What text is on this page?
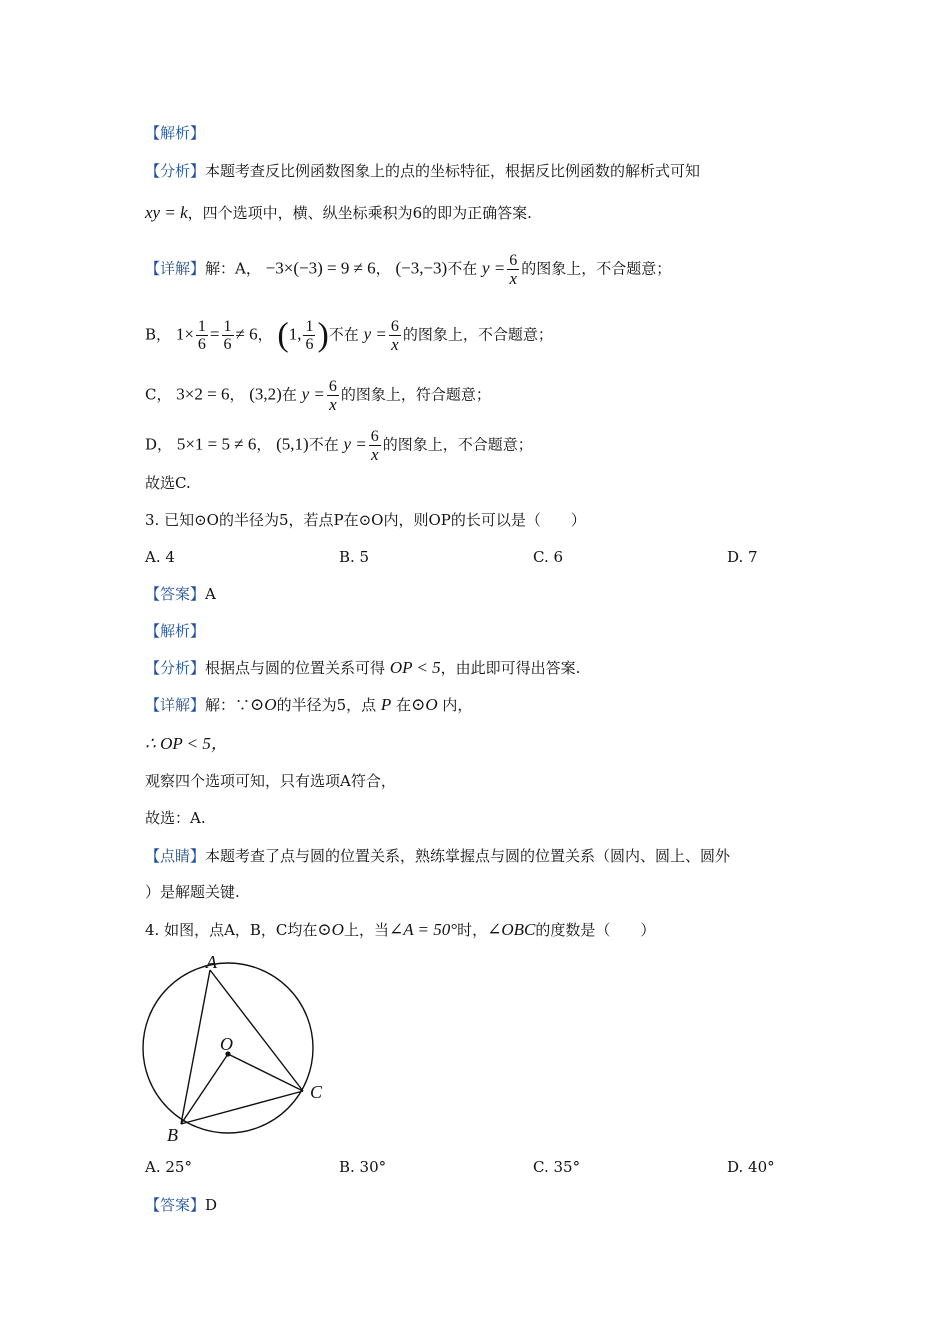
【解析】
【分析】本题考查反比例函数图象上的点的坐标特征，根据反比例函数的解析式可知
xy = k，四个选项中，横、纵坐标乘积为6的即为正确答案.
【详解】解：A， −3×(−3) = 9 ≠ 6， (−3,−3)不在 $y = \frac{6}{x}$ 的图象上，不合题意；
B， $1\times \frac{1}{6} = \frac{1}{6} \ne 6$， (1, $\frac{1}{6}$ )不在 $y = \frac{6}{x}$ 的图象上，不合题意；
C， 3×2 = 6， (3,2)在 $y = \frac{6}{x}$ 的图象上，符合题意；
D， 5×1 = 5 ≠ 6， (5,1)不在 $y = \frac{6}{x}$ 的图象上，不合题意；
故选C.
3. 已知⊙O的半径为5，若点P在⊙O内，则OP的长可以是（　　）
A. 4	B. 5	C. 6	D. 7
【答案】A
【解析】
【分析】根据点与圆的位置关系可得 OP < 5，由此即可得出答案.
【详解】解：∵⊙O的半径为5，点 P 在⊙O 内，
∴ OP < 5，
观察四个选项可知，只有选项A符合，
故选：A.
【点睛】本题考查了点与圆的位置关系，熟练掌握点与圆的位置关系（圆内、圆上、圆外
）是解题关键.
4. 如图，点A，B，C均在⊙O上，当∠A = 50°时，∠OBC的度数是（　　）
A
O
B
C
A. 25°	B. 30°	C. 35°	D. 40°
【答案】D
